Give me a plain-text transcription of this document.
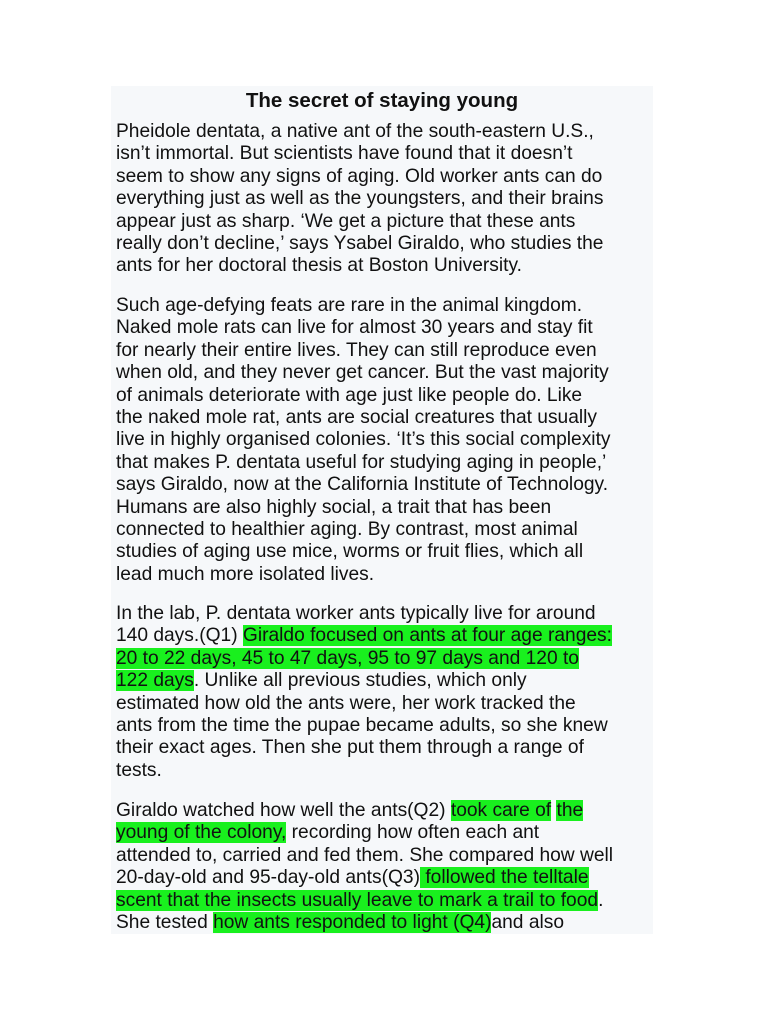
The secret of staying young

Pheidole dentata, a native ant of the south-eastern U.S.,
isn’t immortal. But scientists have found that it doesn’t
seem to show any signs of aging. Old worker ants can do
everything just as well as the youngsters, and their brains
appear just as sharp. ‘We get a picture that these ants
really don’t decline,’ says Ysabel Giraldo, who studies the
ants for her doctoral thesis at Boston University.

Such age-defying feats are rare in the animal kingdom.
Naked mole rats can live for almost 30 years and stay fit
for nearly their entire lives. They can still reproduce even
when old, and they never get cancer. But the vast majority
of animals deteriorate with age just like people do. Like
the naked mole rat, ants are social creatures that usually
live in highly organised colonies. ‘It’s this social complexity
that makes P. dentata useful for studying aging in people,’
says Giraldo, now at the California Institute of Technology.
Humans are also highly social, a trait that has been
connected to healthier aging. By contrast, most animal
studies of aging use mice, worms or fruit flies, which all
lead much more isolated lives.

In the lab, P. dentata worker ants typically live for around
140 days.(Q1) Giraldo focused on ants at four age ranges:
20 to 22 days, 45 to 47 days, 95 to 97 days and 120 to
122 days. Unlike all previous studies, which only
estimated how old the ants were, her work tracked the
ants from the time the pupae became adults, so she knew
their exact ages. Then she put them through a range of
tests.

Giraldo watched how well the ants(Q2) took care of the
young of the colony, recording how often each ant
attended to, carried and fed them. She compared how well
20-day-old and 95-day-old ants(Q3) followed the telltale
scent that the insects usually leave to mark a trail to food.
She tested how ants responded to light (Q4)and also
